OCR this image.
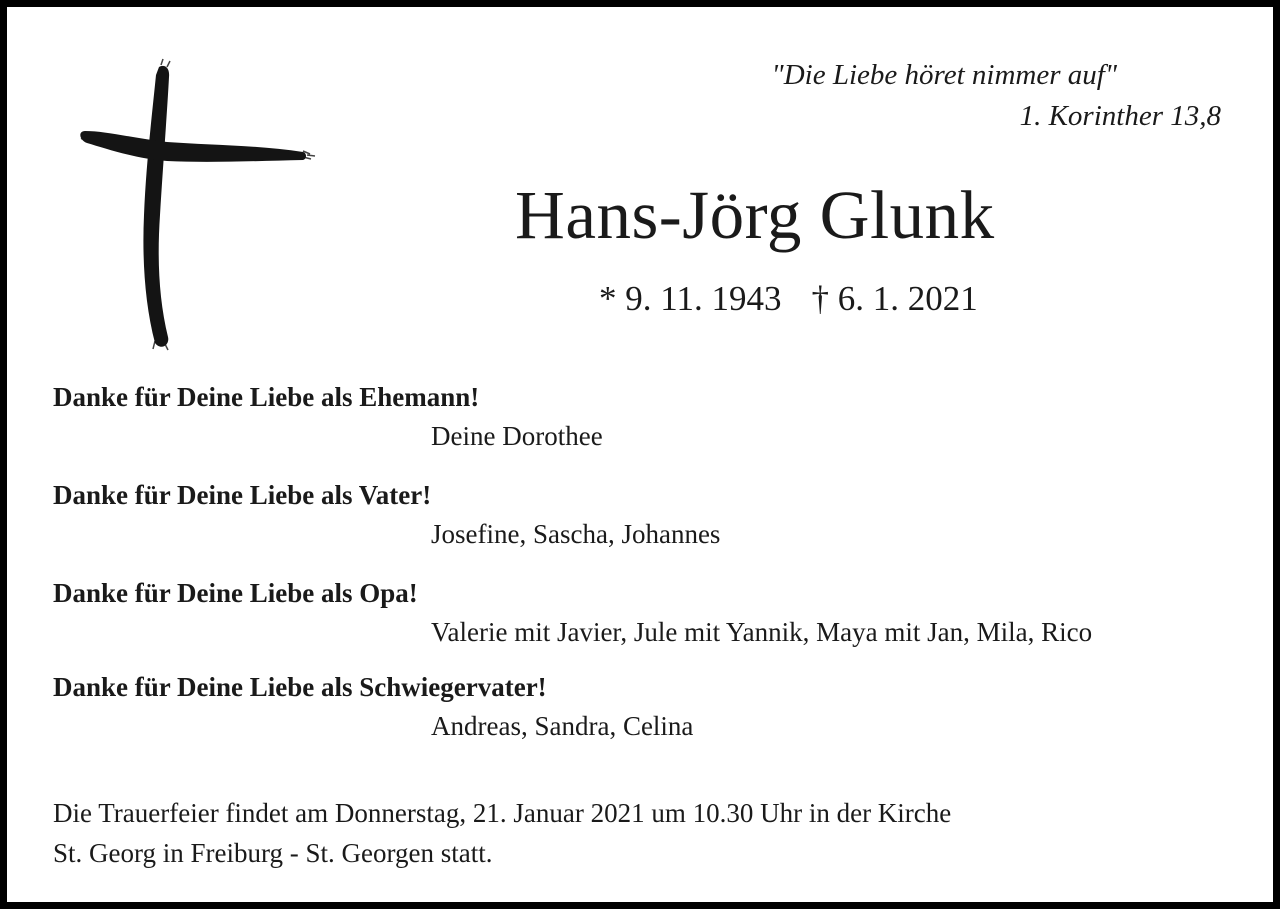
"Die Liebe höret nimmer auf"
1. Korinther 13,8
Hans-Jörg Glunk
* 9. 11. 1943 † 6. 1. 2021
Danke für Deine Liebe als Ehemann!
Deine Dorothee
Danke für Deine Liebe als Vater!
Josefine, Sascha, Johannes
Danke für Deine Liebe als Opa!
Valerie mit Javier, Jule mit Yannik, Maya mit Jan, Mila, Rico
Danke für Deine Liebe als Schwiegervater!
Andreas, Sandra, Celina
Die Trauerfeier findet am Donnerstag, 21. Januar 2021 um 10.30 Uhr in der Kirche
St. Georg in Freiburg - St. Georgen statt.
